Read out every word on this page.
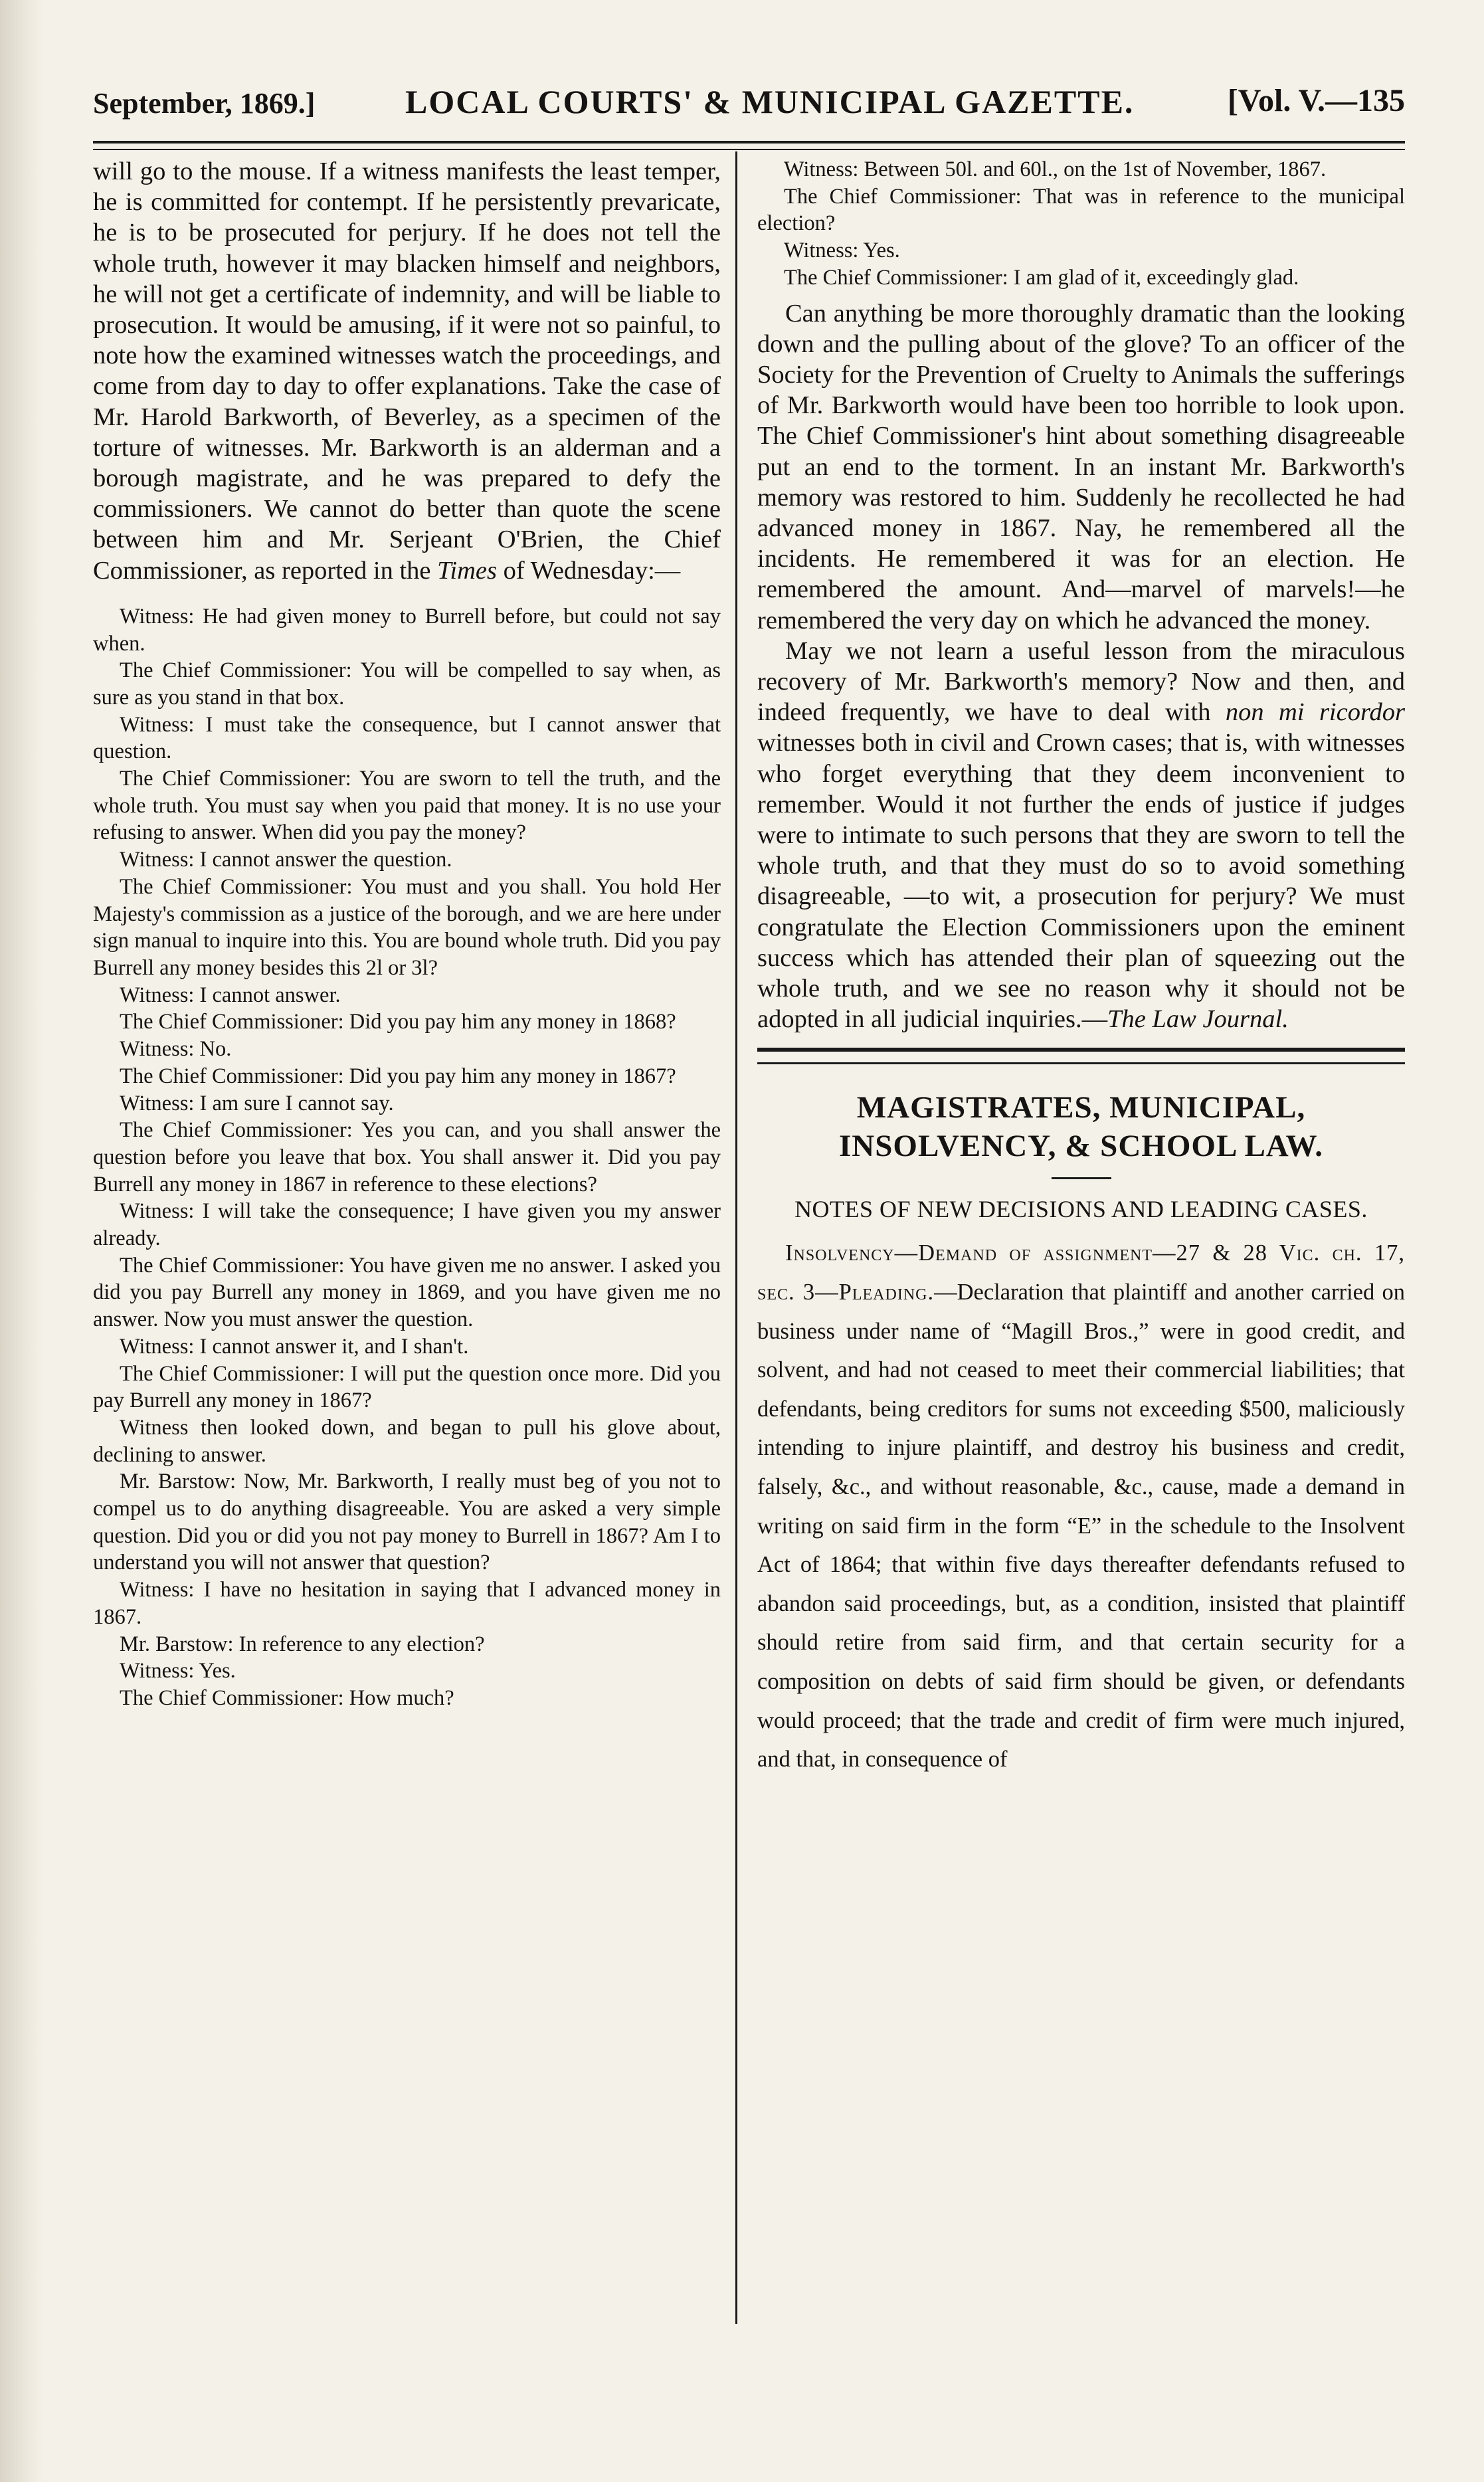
September, 1869.]	LOCAL COURTS' & MUNICIPAL GAZETTE.	[Vol. V.—135

will go to the mouse. If a witness manifests the least temper, he is committed for contempt. If he persistently prevaricate, he is to be prosecuted for perjury. If he does not tell the whole truth, however it may blacken himself and neighbors, he will not get a certificate of indemnity, and will be liable to prosecution. It would be amusing, if it were not so painful, to note how the examined witnesses watch the proceedings, and come from day to day to offer explanations. Take the case of Mr. Harold Barkworth, of Beverley, as a specimen of the torture of witnesses. Mr. Barkworth is an alderman and a borough magistrate, and he was prepared to defy the commissioners. We cannot do better than quote the scene between him and Mr. Serjeant O'Brien, the Chief Commissioner, as reported in the Times of Wednesday:—

Witness: He had given money to Burrell before, but could not say when.

The Chief Commissioner: You will be compelled to say when, as sure as you stand in that box.

Witness: I must take the consequence, but I cannot answer that question.

The Chief Commissioner: You are sworn to tell the truth, and the whole truth. You must say when you paid that money. It is no use your refusing to answer. When did you pay the money?

Witness: I cannot answer the question.

The Chief Commissioner: You must and you shall. You hold Her Majesty's commission as a justice of the borough, and we are here under sign manual to inquire into this. You are bound whole truth. Did you pay Burrell any money besides this 2l or 3l?

Witness: I cannot answer.

The Chief Commissioner: Did you pay him any money in 1868?

Witness: No.

The Chief Commissioner: Did you pay him any money in 1867?

Witness: I am sure I cannot say.

The Chief Commissioner: Yes you can, and you shall answer the question before you leave that box. You shall answer it. Did you pay Burrell any money in 1867 in reference to these elections?

Witness: I will take the consequence; I have given you my answer already.

The Chief Commissioner: You have given me no answer. I asked you did you pay Burrell any money in 1869, and you have given me no answer. Now you must answer the question.

Witness: I cannot answer it, and I shan't.

The Chief Commissioner: I will put the question once more. Did you pay Burrell any money in 1867?

Witness then looked down, and began to pull his glove about, declining to answer.

Mr. Barstow: Now, Mr. Barkworth, I really must beg of you not to compel us to do anything disagreeable. You are asked a very simple question. Did you or did you not pay money to Burrell in 1867? Am I to understand you will not answer that question?

Witness: I have no hesitation in saying that I advanced money in 1867.

Mr. Barstow: In reference to any election?

Witness: Yes.

The Chief Commissioner: How much?

Witness: Between 50l. and 60l., on the 1st of November, 1867.

The Chief Commissioner: That was in reference to the municipal election?

Witness: Yes.

The Chief Commissioner: I am glad of it, exceedingly glad.

Can anything be more thoroughly dramatic than the looking down and the pulling about of the glove? To an officer of the Society for the Prevention of Cruelty to Animals the sufferings of Mr. Barkworth would have been too horrible to look upon. The Chief Commissioner's hint about something disagreeable put an end to the torment. In an instant Mr. Barkworth's memory was restored to him. Suddenly he recollected he had advanced money in 1867. Nay, he remembered all the incidents. He remembered it was for an election. He remembered the amount. And—marvel of marvels!—he remembered the very day on which he advanced the money.

May we not learn a useful lesson from the miraculous recovery of Mr. Barkworth's memory? Now and then, and indeed frequently, we have to deal with non mi ricordor witnesses both in civil and Crown cases; that is, with witnesses who forget everything that they deem inconvenient to remember. Would it not further the ends of justice if judges were to intimate to such persons that they are sworn to tell the whole truth, and that they must do so to avoid something disagreeable, —to wit, a prosecution for perjury? We must congratulate the Election Commissioners upon the eminent success which has attended their plan of squeezing out the whole truth, and we see no reason why it should not be adopted in all judicial inquiries.—The Law Journal.

MAGISTRATES, MUNICIPAL, INSOLVENCY, & SCHOOL LAW.
NOTES OF NEW DECISIONS AND LEADING CASES.

Insolvency—Demand of assignment—27 & 28 Vic. ch. 17, sec. 3—Pleading.—Declaration that plaintiff and another carried on business under name of “Magill Bros.,” were in good credit, and solvent, and had not ceased to meet their commercial liabilities; that defendants, being creditors for sums not exceeding $500, maliciously intending to injure plaintiff, and destroy his business and credit, falsely, &c., and without reasonable, &c., cause, made a demand in writing on said firm in the form “E” in the schedule to the Insolvent Act of 1864; that within five days thereafter defendants refused to abandon said proceedings, but, as a condition, insisted that plaintiff should retire from said firm, and that certain security for a composition on debts of said firm should be given, or defendants would proceed; that the trade and credit of firm were much injured, and that, in consequence of
